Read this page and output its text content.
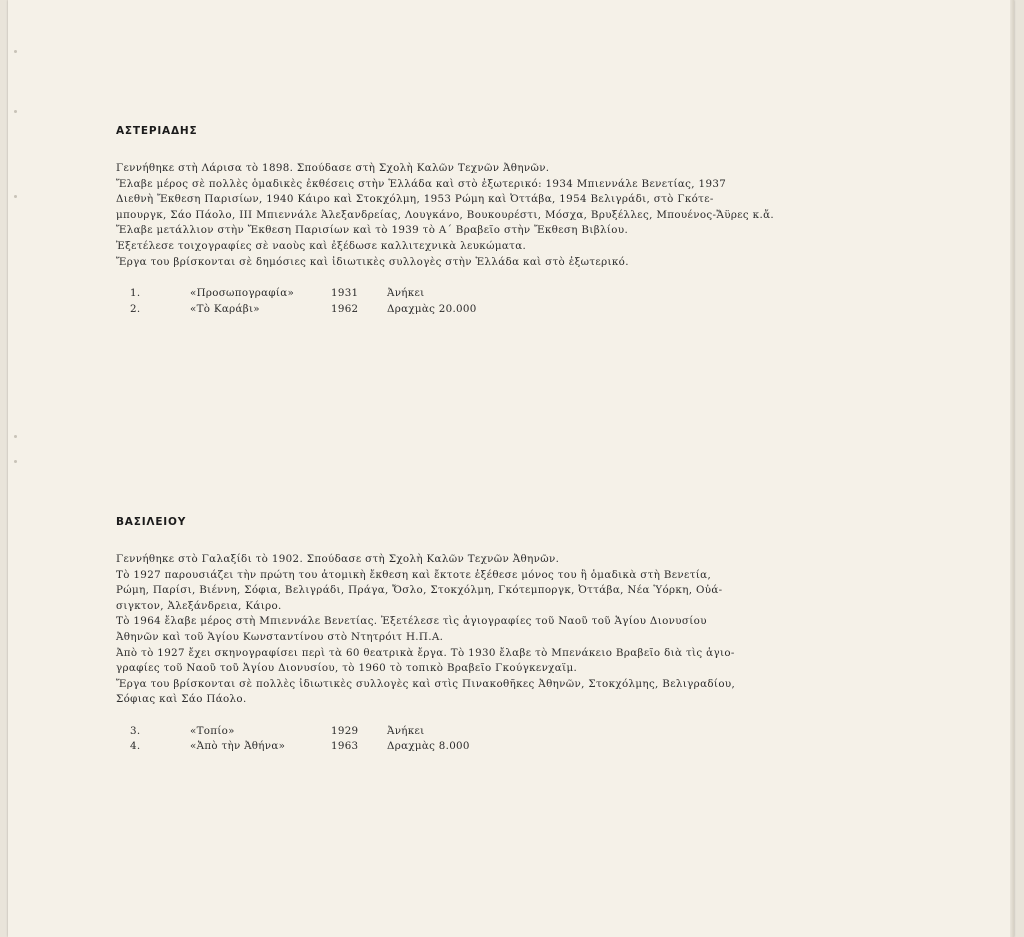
ΑΣΤΕΡΙΑΔΗΣ
Γεννήθηκε στὴ Λάρισα τὸ 1898. Σπούδασε στὴ Σχολὴ Καλῶν Τεχνῶν Ἀθηνῶν.
Ἔλαβε μέρος σὲ πολλὲς ὁμαδικὲς ἐκθέσεις στὴν Ἑλλάδα καὶ στὸ ἐξωτερικό: 1934 Μπιεννάλε Βενετίας, 1937
Διεθνὴ Ἔκθεση Παρισίων, 1940 Κάιρο καὶ Στοκχόλμη, 1953 Ρώμη καὶ Ὀττάβα, 1954 Βελιγράδι, στὸ Γκότε-
μπουργκ, Σάο Πάολο, ΙΙΙ Μπιεννάλε Ἀλεξανδρείας, Λουγκάνο, Βουκουρέστι, Μόσχα, Βρυξέλλες, Μπουένος-Ἄϋρες κ.ἄ.
Ἔλαβε μετάλλιον στὴν Ἔκθεση Παρισίων καὶ τὸ 1939 τὸ Α΄ Βραβεῖο στὴν Ἔκθεση Βιβλίου.
Ἐξετέλεσε τοιχογραφίες σὲ ναοὺς καὶ ἐξέδωσε καλλιτεχνικὰ λευκώματα.
Ἔργα του βρίσκονται σὲ δημόσιες καὶ ἰδιωτικὲς συλλογὲς στὴν Ἑλλάδα καὶ στὸ ἐξωτερικό.
1.	«Προσωπογραφία»	1931	Ἀνήκει
2.	«Τὸ Καράβι»	1962	Δραχμὰς 20.000
ΒΑΣΙΛΕΙΟΥ
Γεννήθηκε στὸ Γαλαξίδι τὸ 1902. Σπούδασε στὴ Σχολὴ Καλῶν Τεχνῶν Ἀθηνῶν.
Τὸ 1927 παρουσιάζει τὴν πρώτη του ἀτομικὴ ἔκθεση καὶ ἔκτοτε ἐξέθεσε μόνος του ἢ ὁμαδικὰ στὴ Βενετία,
Ρώμη, Παρίσι, Βιέννη, Σόφια, Βελιγράδι, Πράγα, Ὄσλο, Στοκχόλμη, Γκότεμποργκ, Ὀττάβα, Νέα Ὑόρκη, Οὐά-
σιγκτον, Ἀλεξάνδρεια, Κάιρο.
Τὸ 1964 ἔλαβε μέρος στὴ Μπιεννάλε Βενετίας. Ἐξετέλεσε τὶς ἁγιογραφίες τοῦ Ναοῦ τοῦ Ἁγίου Διονυσίου
Ἀθηνῶν καὶ τοῦ Ἁγίου Κωνσταντίνου στὸ Ντητρόιτ Η.Π.Α.
Ἀπὸ τὸ 1927 ἔχει σκηνογραφίσει περὶ τὰ 60 θεατρικὰ ἔργα. Τὸ 1930 ἔλαβε τὸ Μπενάκειο Βραβεῖο διὰ τὶς ἁγιο-
γραφίες τοῦ Ναοῦ τοῦ Ἁγίου Διονυσίου, τὸ 1960 τὸ τοπικὸ Βραβεῖο Γκούγκενχαϊμ.
Ἔργα του βρίσκονται σὲ πολλὲς ἰδιωτικὲς συλλογὲς καὶ στὶς Πινακοθῆκες Ἀθηνῶν, Στοκχόλμης, Βελιγραδίου,
Σόφιας καὶ Σάο Πάολο.
3.	«Τοπίο»	1929	Ἀνήκει
4.	«Ἀπὸ τὴν Ἀθήνα»	1963	Δραχμὰς 8.000
